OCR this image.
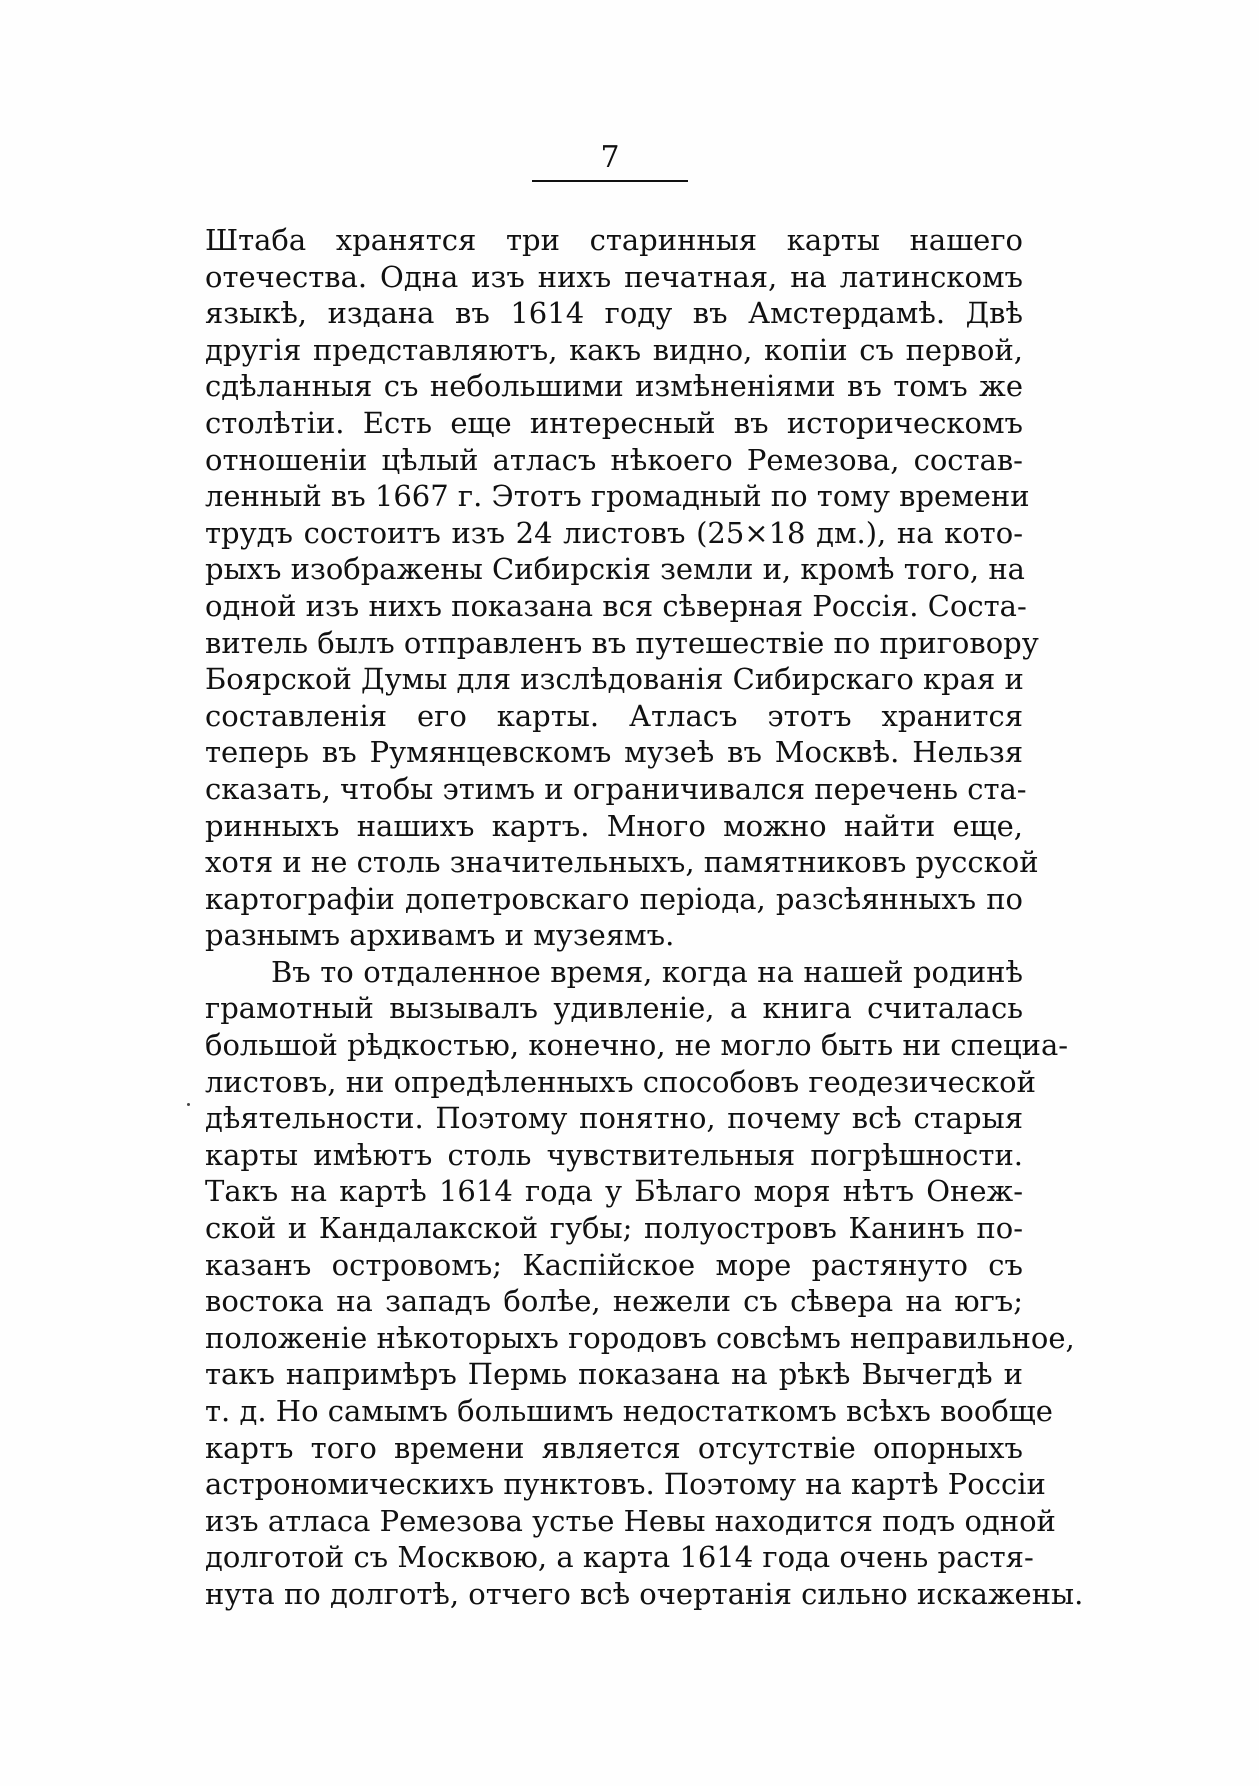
7
Штаба хранятся три старинныя карты нашего
отечества. Одна изъ нихъ печатная, на латинскомъ
языкѣ, издана въ 1614 году въ Амстердамѣ. Двѣ
другія представляютъ, какъ видно, копіи съ первой,
сдѣланныя съ небольшими измѣненіями въ томъ же
столѣтіи. Есть еще интересный въ историческомъ
отношеніи цѣлый атласъ нѣкоего Ремезова, состав-
ленный въ 1667 г. Этотъ громадный по тому времени
трудъ состоитъ изъ 24 листовъ (25×18 дм.), на кото-
рыхъ изображены Сибирскія земли и, кромѣ того, на
одной изъ нихъ показана вся сѣверная Россія. Соста-
витель былъ отправленъ въ путешествіе по приговору
Боярской Думы для изслѣдованія Сибирскаго края и
составленія его карты. Атласъ этотъ хранится
теперь въ Румянцевскомъ музеѣ въ Москвѣ. Нельзя
сказать, чтобы этимъ и ограничивался перечень ста-
ринныхъ нашихъ картъ. Много можно найти еще,
хотя и не столь значительныхъ, памятниковъ русской
картографіи допетровскаго періода, разсѣянныхъ по
разнымъ архивамъ и музеямъ.
Въ то отдаленное время, когда на нашей родинѣ
грамотный вызывалъ удивленіе, а книга считалась
большой рѣдкостью, конечно, не могло быть ни специа-
листовъ, ни опредѣленныхъ способовъ геодезической
дѣятельности. Поэтому понятно, почему всѣ старыя
карты имѣютъ столь чувствительныя погрѣшности.
Такъ на картѣ 1614 года у Бѣлаго моря нѣтъ Онеж-
ской и Кандалакской губы; полуостровъ Канинъ по-
казанъ островомъ; Каспійское море растянуто съ
востока на западъ болѣе, нежели съ сѣвера на югъ;
положеніе нѣкоторыхъ городовъ совсѣмъ неправильное,
такъ напримѣръ Пермь показана на рѣкѣ Вычегдѣ и
т. д. Но самымъ большимъ недостаткомъ всѣхъ вообще
картъ того времени является отсутствіе опорныхъ
астрономическихъ пунктовъ. Поэтому на картѣ Россіи
изъ атласа Ремезова устье Невы находится подъ одной
долготой съ Москвою, а карта 1614 года очень растя-
нута по долготѣ, отчего всѣ очертанія сильно искажены.
